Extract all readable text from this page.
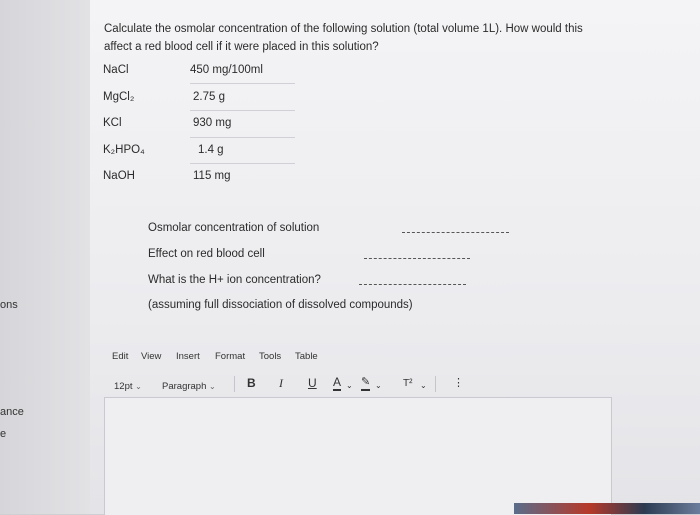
ons
ance
e
Calculate the osmolar concentration of the following solution (total volume 1L). How would this
affect a red blood cell if it were placed in this solution?
NaCl	450 mg/100ml
MgCl₂	2.75 g
KCl	930 mg
K₂HPO₄	1.4 g
NaOH	115 mg
Osmolar concentration of solution
Effect on red blood cell
What is the H+ ion concentration?
(assuming full dissociation of dissolved compounds)
Edit View Insert Format Tools Table
12pt ⌄ Paragraph ⌄	B I U A ⌄ ✎ ⌄ T² ⌄ ⋮
